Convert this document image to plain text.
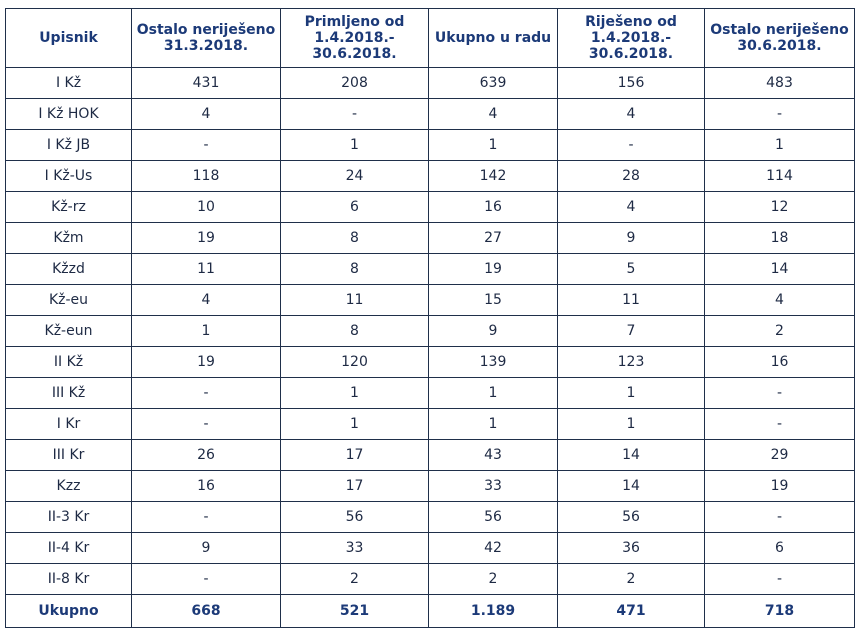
Upisnik	Ostalo neriješeno 31.3.2018.	Primljeno od 1.4.2018.- 30.6.2018.	Ukupno u radu	Riješeno od 1.4.2018.- 30.6.2018.	Ostalo neriješeno 30.6.2018.
I Kž	431	208	639	156	483
I Kž HOK	4	-	4	4	-
I Kž JB	-	1	1	-	1
I Kž-Us	118	24	142	28	114
Kž-rz	10	6	16	4	12
Kžm	19	8	27	9	18
Kžzd	11	8	19	5	14
Kž-eu	4	11	15	11	4
Kž-eun	1	8	9	7	2
II Kž	19	120	139	123	16
III Kž	-	1	1	1	-
I Kr	-	1	1	1	-
III Kr	26	17	43	14	29
Kzz	16	17	33	14	19
II-3 Kr	-	56	56	56	-
II-4 Kr	9	33	42	36	6
II-8 Kr	-	2	2	2	-
Ukupno	668	521	1.189	471	718
